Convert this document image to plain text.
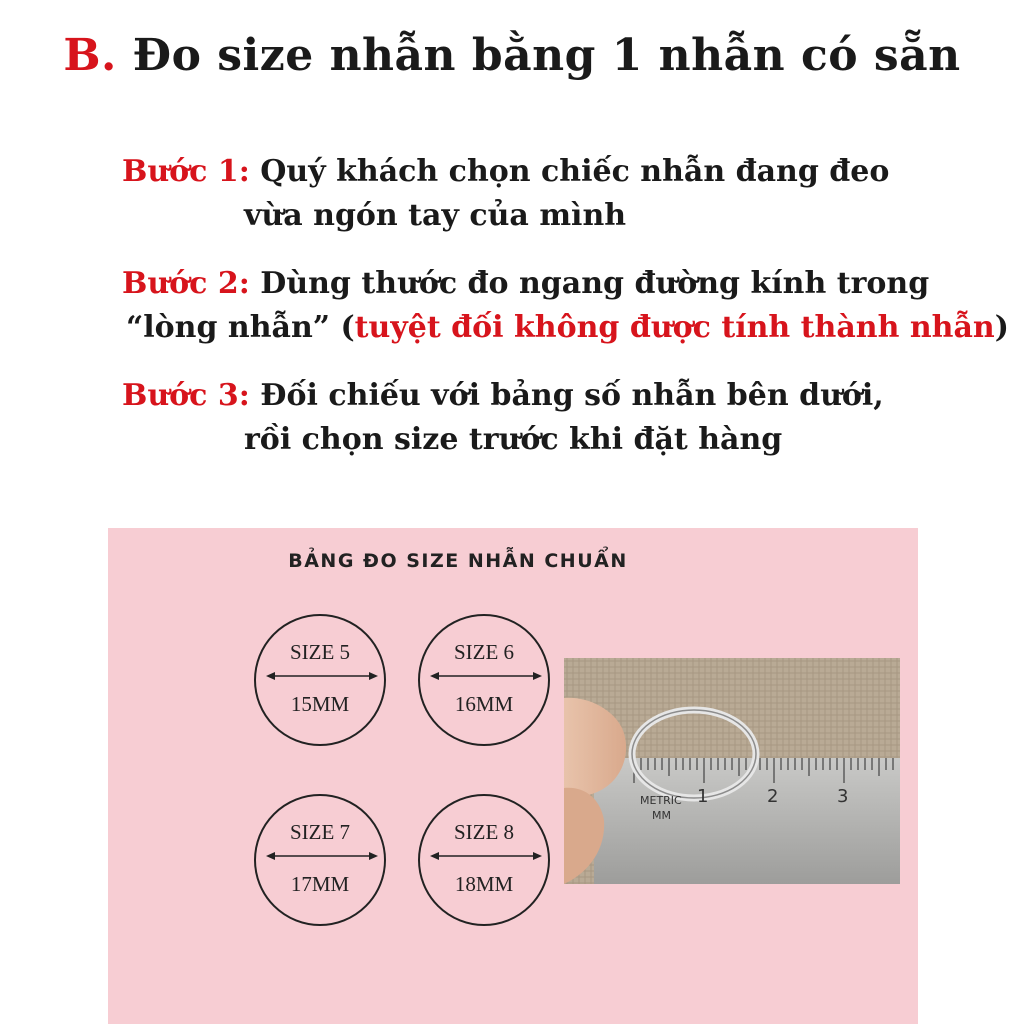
B. Đo size nhẫn bằng 1 nhẫn có sẵn
Bước 1: Quý khách chọn chiếc nhẫn đang đeo
vừa ngón tay của mình
Bước 2: Dùng thước đo ngang đường kính trong
“lòng nhẫn” (tuyệt đối không được tính thành nhẫn)
Bước 3: Đối chiếu với bảng số nhẫn bên dưới,
rồi chọn size trước khi đặt hàng
BẢNG ĐO SIZE NHẪN CHUẨN
SIZE 5
15MM
SIZE 6
16MM
SIZE 7
17MM
SIZE 8
18MM
METRIC
MM
1	2	3
